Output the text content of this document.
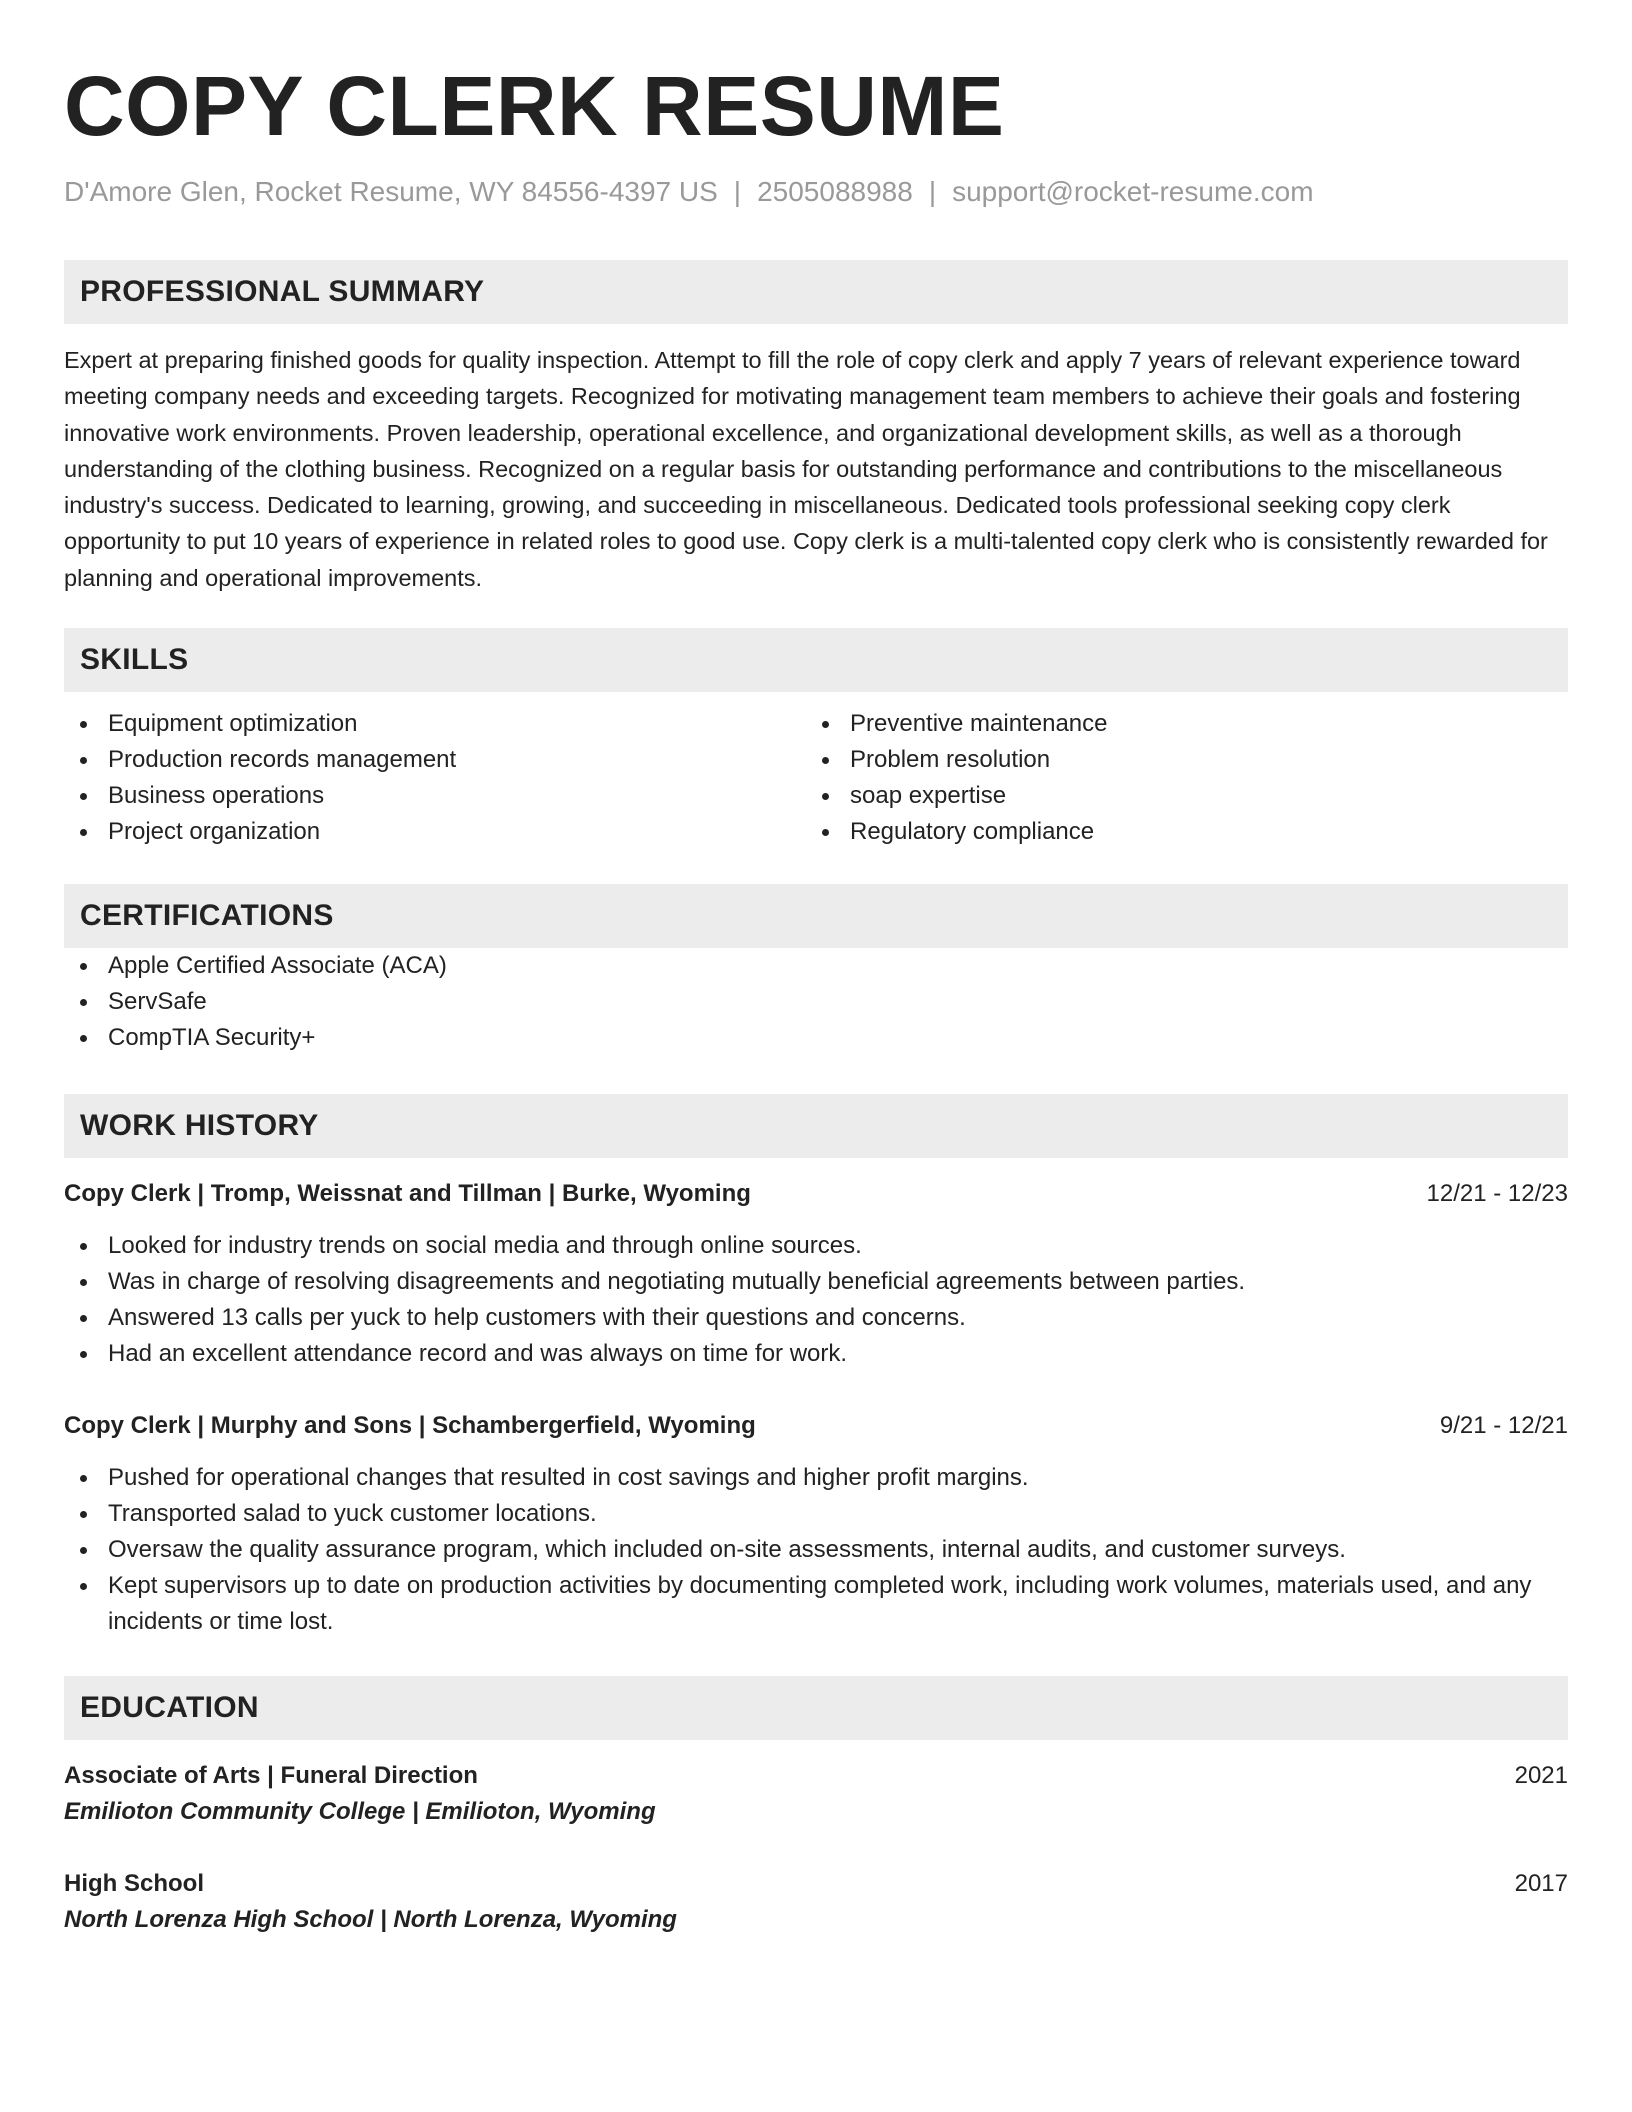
COPY CLERK RESUME
D'Amore Glen, Rocket Resume, WY 84556-4397 US | 2505088988 | support@rocket-resume.com
PROFESSIONAL SUMMARY
Expert at preparing finished goods for quality inspection. Attempt to fill the role of copy clerk and apply 7 years of relevant experience toward meeting company needs and exceeding targets. Recognized for motivating management team members to achieve their goals and fostering innovative work environments. Proven leadership, operational excellence, and organizational development skills, as well as a thorough understanding of the clothing business. Recognized on a regular basis for outstanding performance and contributions to the miscellaneous industry's success. Dedicated to learning, growing, and succeeding in miscellaneous. Dedicated tools professional seeking copy clerk opportunity to put 10 years of experience in related roles to good use. Copy clerk is a multi-talented copy clerk who is consistently rewarded for planning and operational improvements.
SKILLS
Equipment optimization
Production records management
Business operations
Project organization
Preventive maintenance
Problem resolution
soap expertise
Regulatory compliance
CERTIFICATIONS
Apple Certified Associate (ACA)
ServSafe
CompTIA Security+
WORK HISTORY
Copy Clerk | Tromp, Weissnat and Tillman | Burke, Wyoming	12/21 - 12/23
Looked for industry trends on social media and through online sources.
Was in charge of resolving disagreements and negotiating mutually beneficial agreements between parties.
Answered 13 calls per yuck to help customers with their questions and concerns.
Had an excellent attendance record and was always on time for work.
Copy Clerk | Murphy and Sons | Schambergerfield, Wyoming	9/21 - 12/21
Pushed for operational changes that resulted in cost savings and higher profit margins.
Transported salad to yuck customer locations.
Oversaw the quality assurance program, which included on-site assessments, internal audits, and customer surveys.
Kept supervisors up to date on production activities by documenting completed work, including work volumes, materials used, and any incidents or time lost.
EDUCATION
Associate of Arts | Funeral Direction	2021
Emilioton Community College | Emilioton, Wyoming
High School	2017
North Lorenza High School | North Lorenza, Wyoming
